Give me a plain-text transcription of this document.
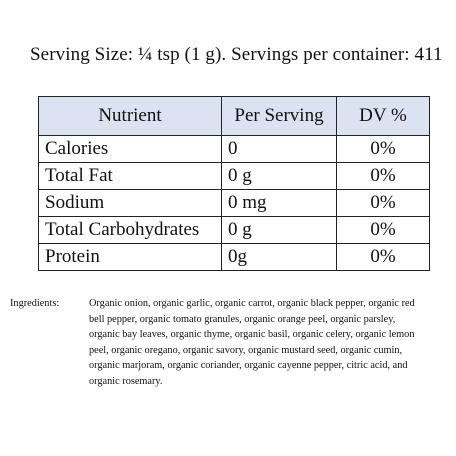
Serving Size: ¼ tsp (1 g). Servings per container: 411
Nutrient	Per Serving	DV %
Calories	0	0%
Total Fat	0 g	0%
Sodium	0 mg	0%
Total Carbohydrates	0 g	0%
Protein	0g	0%
Ingredients:	Organic onion, organic garlic, organic carrot, organic black pepper, organic red
bell pepper, organic tomato granules, organic orange peel, organic parsley,
organic bay leaves, organic thyme, organic basil, organic celery, organic lemon
peel, organic oregano, organic savory, organic mustard seed, organic cumin,
organic marjoram, organic coriander, organic cayenne pepper, citric acid, and
organic rosemary.
